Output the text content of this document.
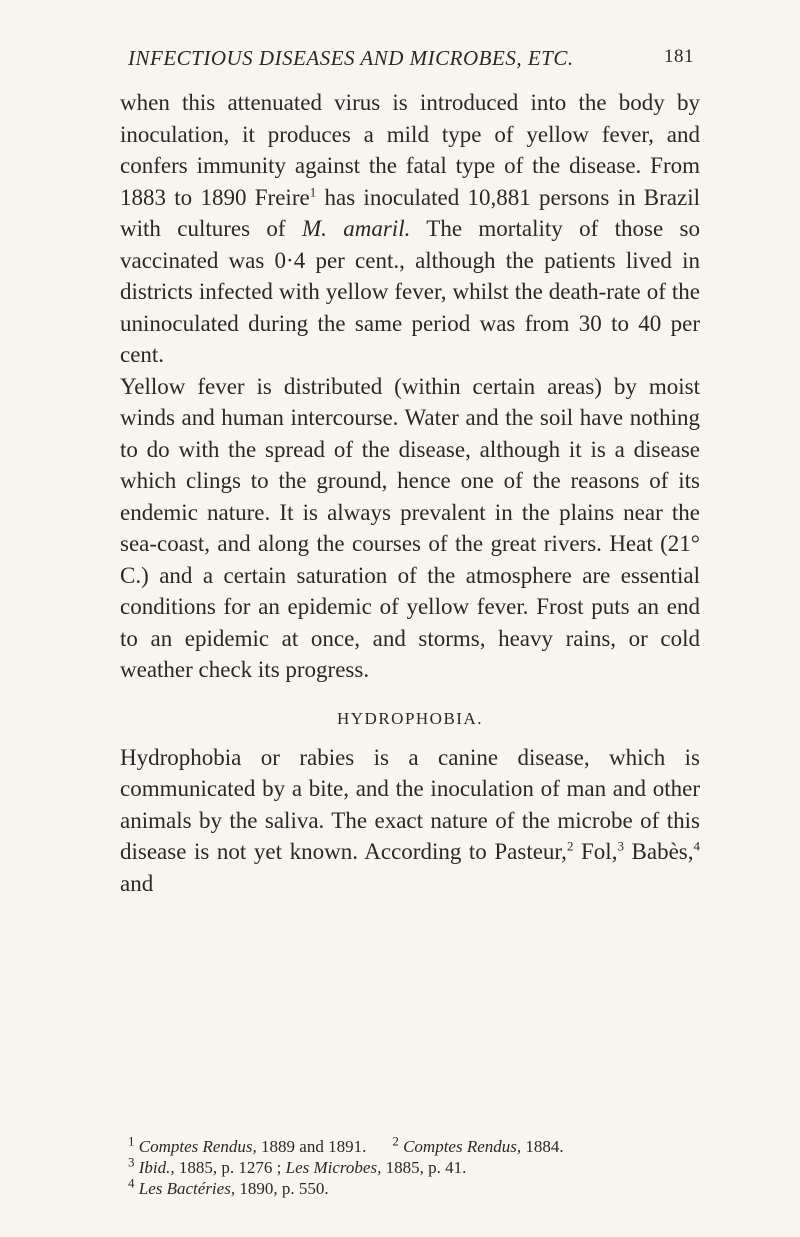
INFECTIOUS DISEASES AND MICROBES, ETC.	181

when this attenuated virus is introduced into the body by inoculation, it produces a mild type of yellow fever, and confers immunity against the fatal type of the disease. From 1883 to 1890 Freire$^1$ has inoculated 10,881 persons in Brazil with cultures of M. amaril. The mortality of those so vaccinated was 0·4 per cent., although the patients lived in districts infected with yellow fever, whilst the death-rate of the uninoculated during the same period was from 30 to 40 per cent.

Yellow fever is distributed (within certain areas) by moist winds and human intercourse. Water and the soil have nothing to do with the spread of the disease, although it is a disease which clings to the ground, hence one of the reasons of its endemic nature. It is always prevalent in the plains near the sea-coast, and along the courses of the great rivers. Heat (21° C.) and a certain saturation of the atmosphere are essential conditions for an epidemic of yellow fever. Frost puts an end to an epidemic at once, and storms, heavy rains, or cold weather check its progress.

HYDROPHOBIA.

Hydrophobia or rabies is a canine disease, which is communicated by a bite, and the inoculation of man and other animals by the saliva. The exact nature of the microbe of this disease is not yet known. According to Pasteur,$^2$ Fol,$^3$ Babès,$^4$ and

$^1$ Comptes Rendus, 1889 and 1891. $^2$ Comptes Rendus, 1884.
$^3$ Ibid., 1885, p. 1276 ; Les Microbes, 1885, p. 41.
$^4$ Les Bactéries, 1890, p. 550.
